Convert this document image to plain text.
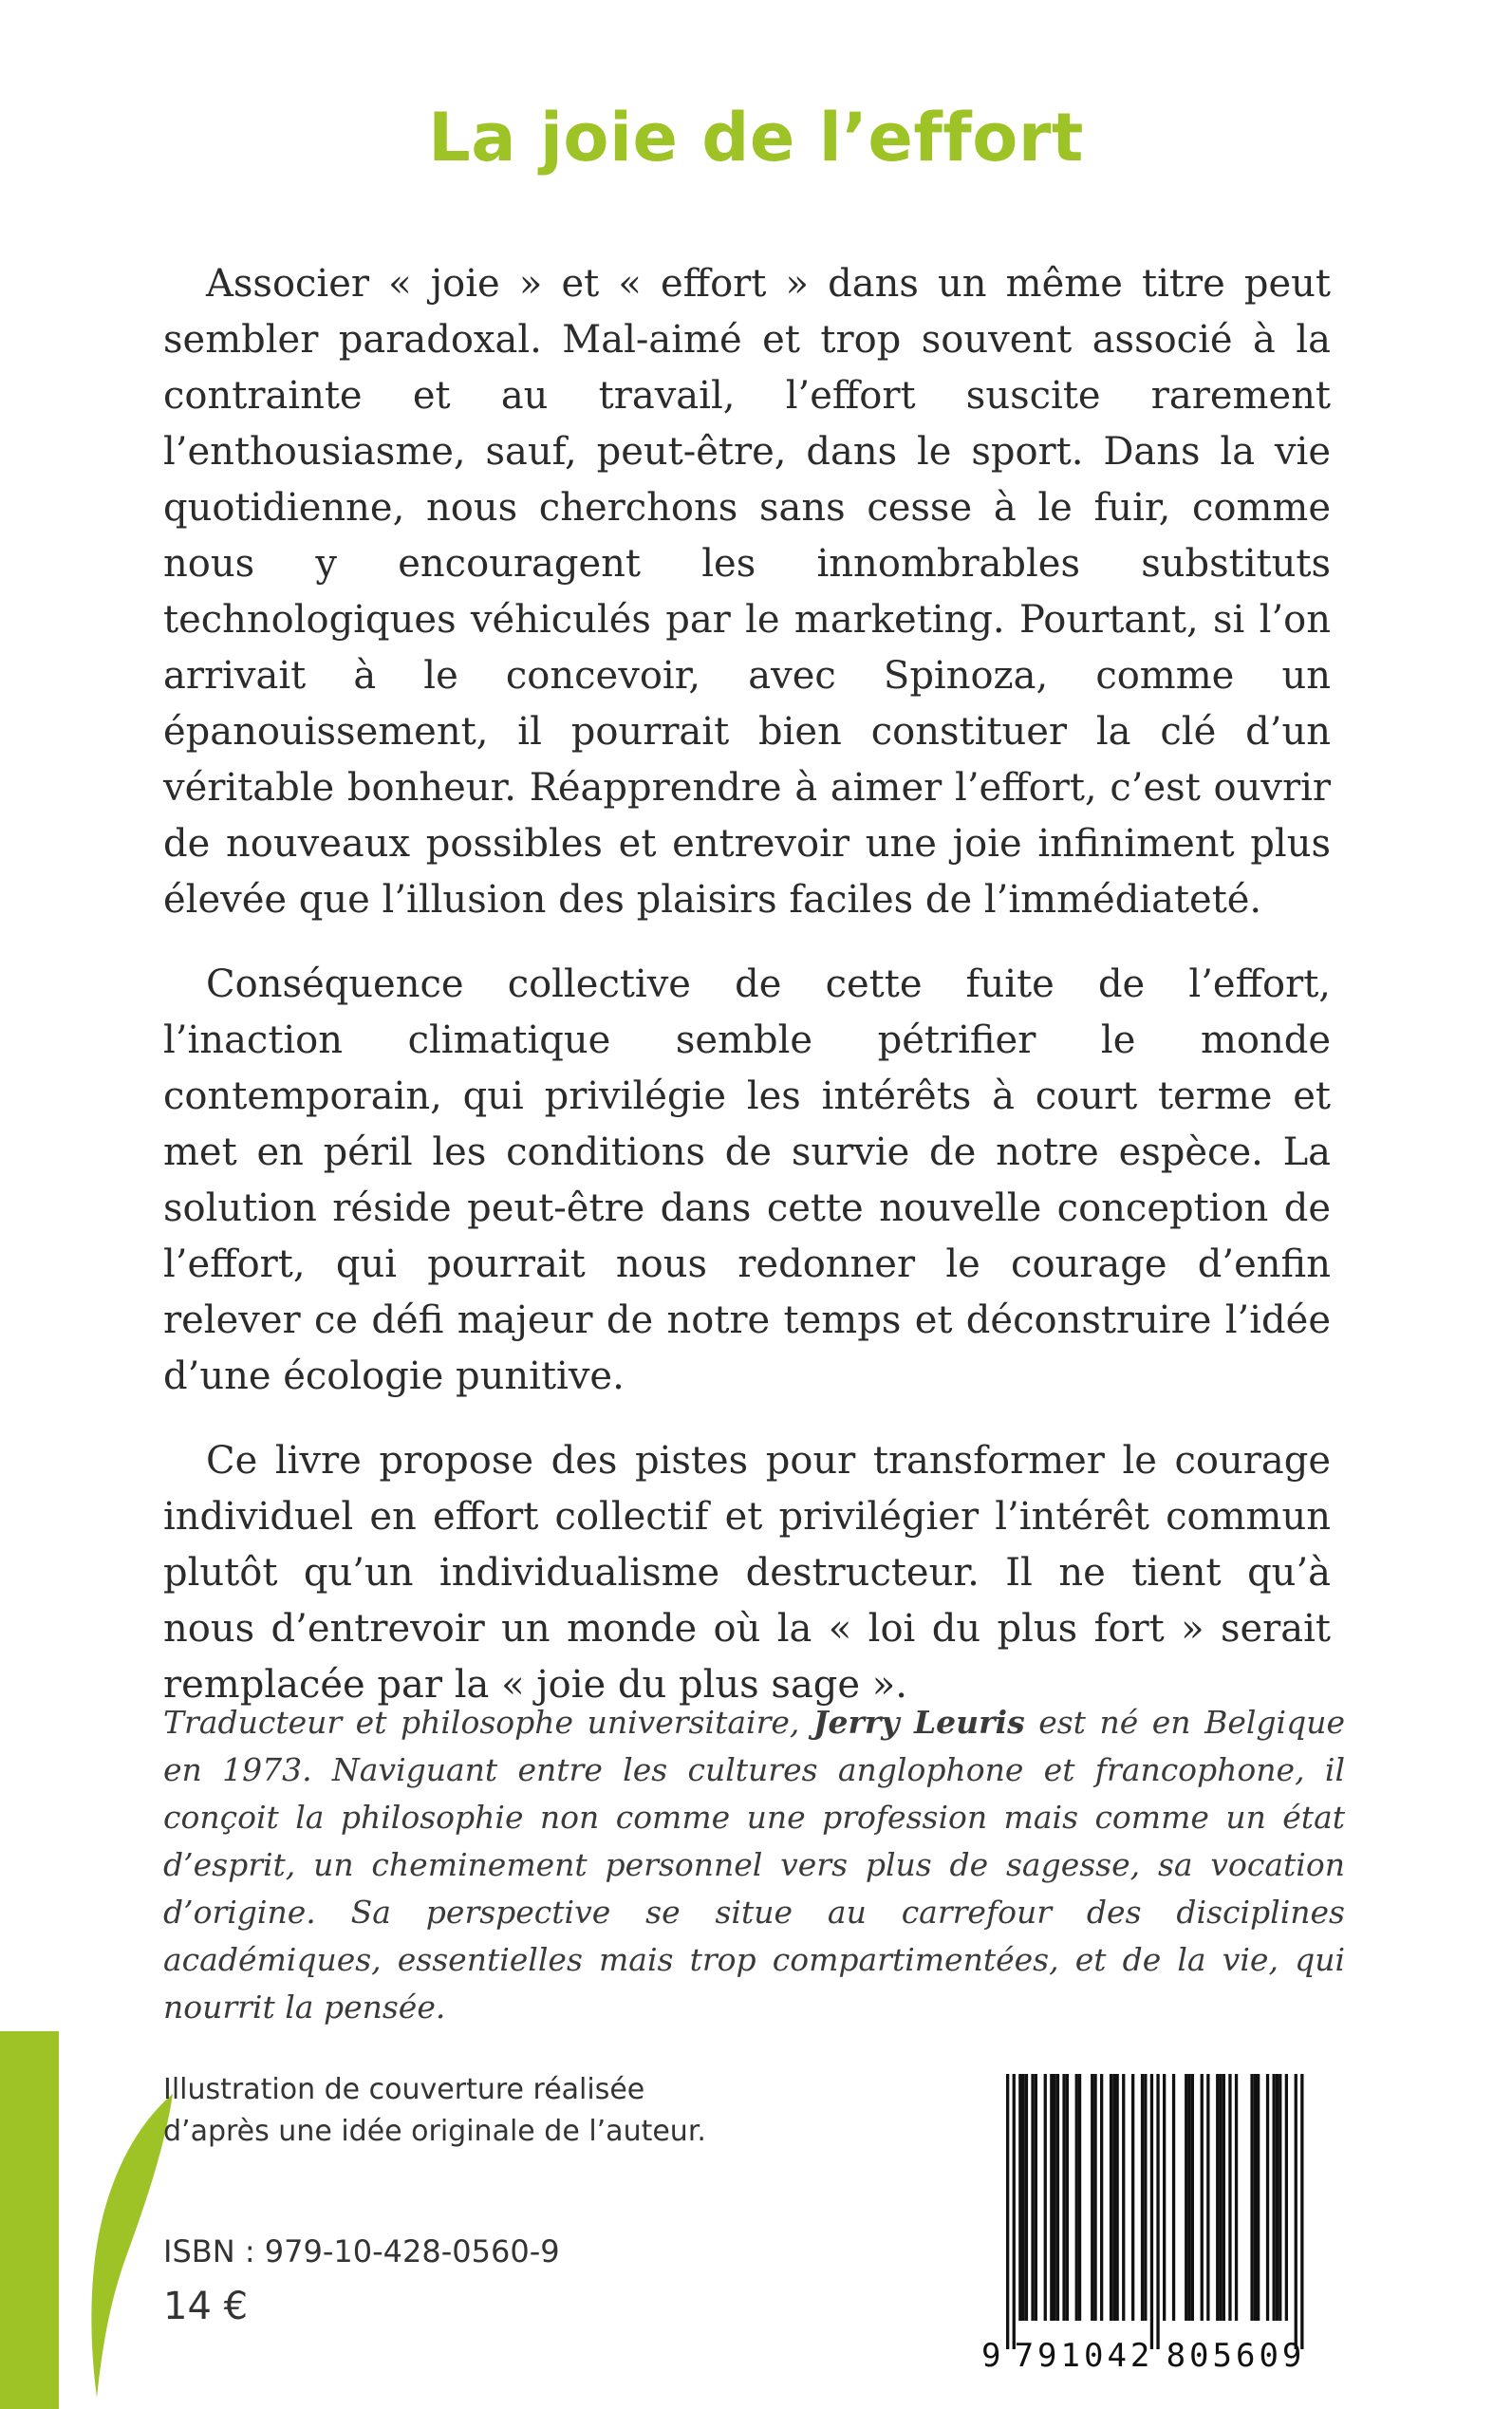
La joie de l’effort

Associer « joie » et « effort » dans un même titre peut sembler paradoxal. Mal-aimé et trop souvent associé à la contrainte et au travail, l’effort suscite rarement l’enthousiasme, sauf, peut-être, dans le sport. Dans la vie quotidienne, nous cherchons sans cesse à le fuir, comme nous y encouragent les innombrables substituts technologiques véhiculés par le marketing. Pourtant, si l’on arrivait à le concevoir, avec Spinoza, comme un épanouissement, il pourrait bien constituer la clé d’un véritable bonheur. Réapprendre à aimer l’effort, c’est ouvrir de nouveaux possibles et entrevoir une joie infiniment plus élevée que l’illusion des plaisirs faciles de l’immédiateté.

Conséquence collective de cette fuite de l’effort, l’inaction climatique semble pétrifier le monde contemporain, qui privilégie les intérêts à court terme et met en péril les conditions de survie de notre espèce. La solution réside peut-être dans cette nouvelle conception de l’effort, qui pourrait nous redonner le courage d’enfin relever ce défi majeur de notre temps et déconstruire l’idée d’une écologie punitive.

Ce livre propose des pistes pour transformer le courage individuel en effort collectif et privilégier l’intérêt commun plutôt qu’un individualisme destructeur. Il ne tient qu’à nous d’entrevoir un monde où la « loi du plus fort » serait remplacée par la « joie du plus sage ».

Traducteur et philosophe universitaire, Jerry Leuris est né en Belgique en 1973. Naviguant entre les cultures anglophone et francophone, il conçoit la philosophie non comme une profession mais comme un état d’esprit, un cheminement personnel vers plus de sagesse, sa vocation d’origine. Sa perspective se situe au carrefour des disciplines académiques, essentielles mais trop compartimentées, et de la vie, qui nourrit la pensée.

Illustration de couverture réalisée
d’après une idée originale de l’auteur.
ISBN : 979-10-428-0560-9
14 €
9 791042 805609
